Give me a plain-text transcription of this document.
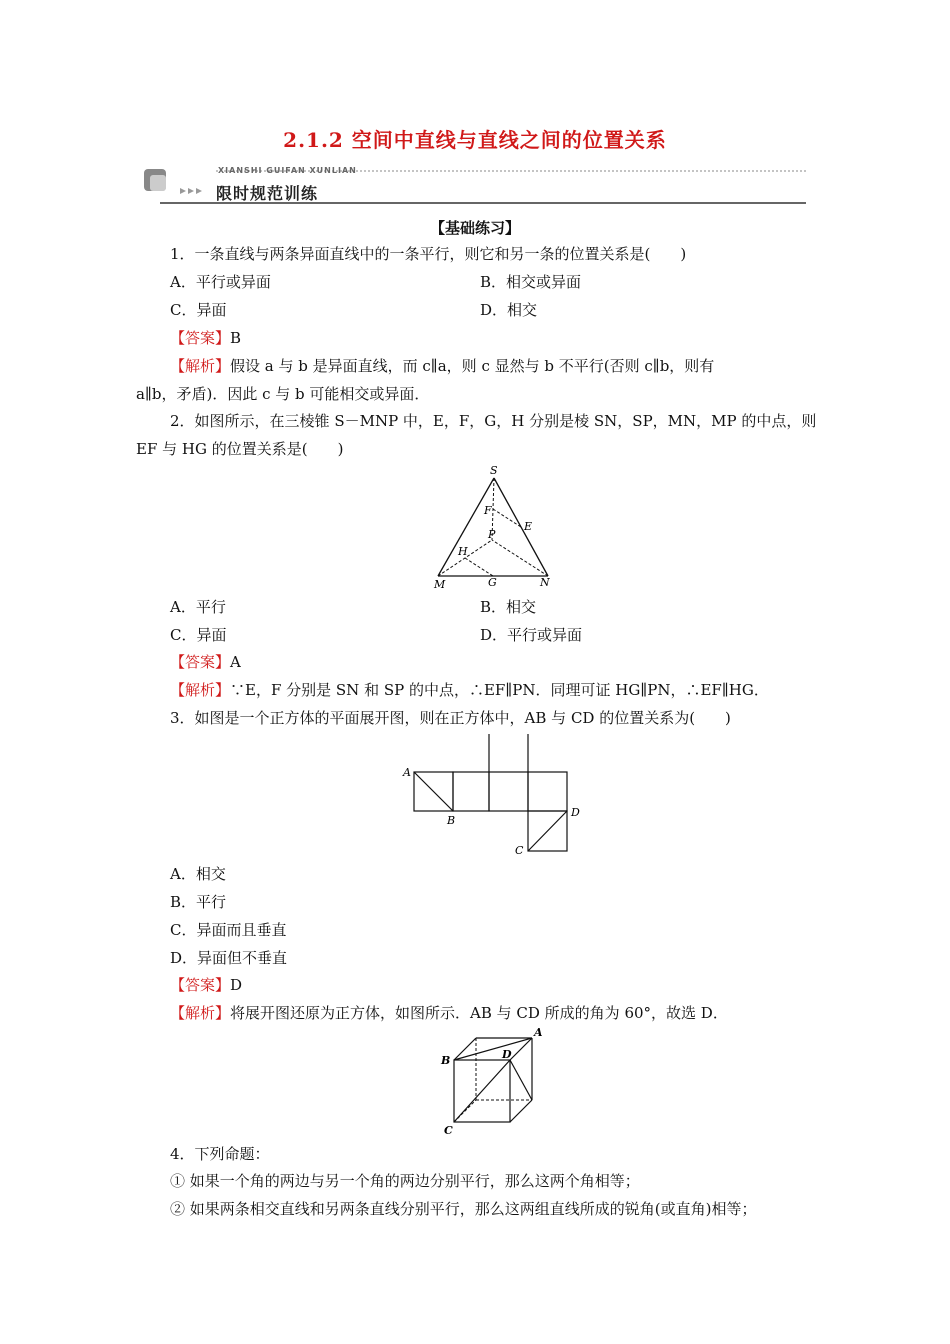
2.1.2 空间中直线与直线之间的位置关系
XIANSHI GUIFAN XUNLIAN
限时规范训练
【基础练习】
1．一条直线与两条异面直线中的一条平行，则它和另一条的位置关系是(　　)
A．平行或异面	B．相交或异面
C．异面	D．相交
【答案】B
【解析】假设 a 与 b 是异面直线，而 c∥a，则 c 显然与 b 不平行(否则 c∥b，则有
a∥b，矛盾)．因此 c 与 b 可能相交或异面．
2．如图所示，在三棱锥 S－MNP 中，E，F，G，H 分别是棱 SN，SP，MN，MP 的中点，则
EF 与 HG 的位置关系是(　　)
S
F
E
P
H
M	G	N
A．平行	B．相交
C．异面	D．平行或异面
【答案】A
【解析】∵E，F 分别是 SN 和 SP 的中点，∴EF∥PN．同理可证 HG∥PN，∴EF∥HG．
3．如图是一个正方体的平面展开图，则在正方体中，AB 与 CD 的位置关系为(　　)
A
B
D
C
A．相交
B．平行
C．异面而且垂直
D．异面但不垂直
【答案】D
【解析】将展开图还原为正方体，如图所示．AB 与 CD 所成的角为 60°，故选 D．
A
B	D
C
4．下列命题：
① 如果一个角的两边与另一个角的两边分别平行，那么这两个角相等；
② 如果两条相交直线和另两条直线分别平行，那么这两组直线所成的锐角(或直角)相等；
